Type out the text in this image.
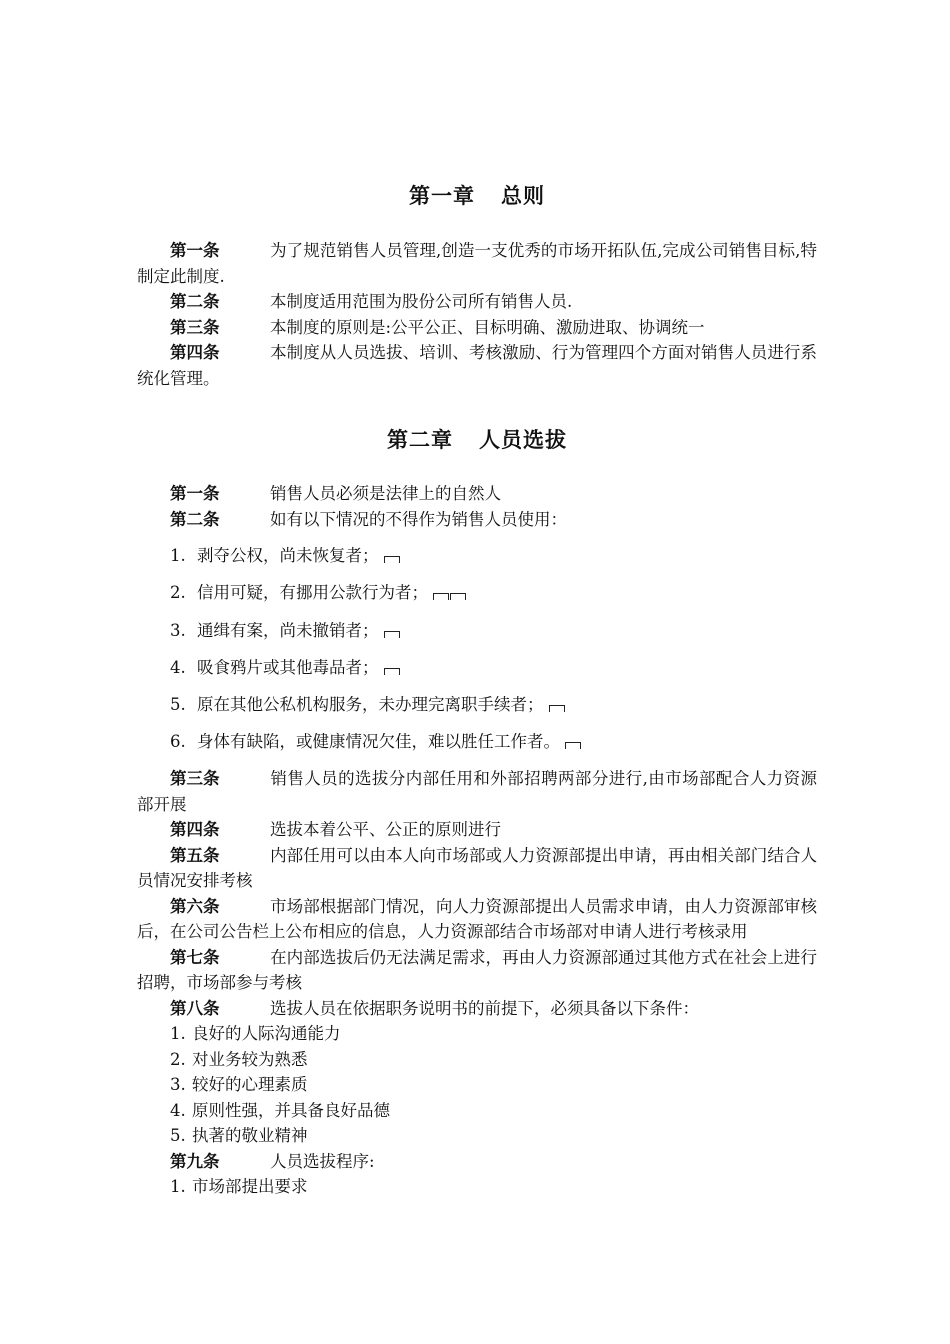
第一章 总则
第一条	为了规范销售人员管理,创造一支优秀的市场开拓队伍,完成公司销售目标,特制定此制度.
第二条	本制度适用范围为股份公司所有销售人员.
第三条	本制度的原则是:公平公正、目标明确、激励进取、协调统一
第四条	本制度从人员选拔、培训、考核激励、行为管理四个方面对销售人员进行系统化管理。
第二章 人员选拔
第一条	销售人员必须是法律上的自然人
第二条	如有以下情况的不得作为销售人员使用：
1. 剥夺公权，尚未恢复者；
2. 信用可疑，有挪用公款行为者；
3. 通缉有案，尚未撤销者；
4. 吸食鸦片或其他毒品者；
5. 原在其他公私机构服务，未办理完离职手续者；
6. 身体有缺陷，或健康情况欠佳，难以胜任工作者。
第三条	销售人员的选拔分内部任用和外部招聘两部分进行,由市场部配合人力资源部开展
第四条	选拔本着公平、公正的原则进行
第五条	内部任用可以由本人向市场部或人力资源部提出申请，再由相关部门结合人员情况安排考核
第六条	市场部根据部门情况，向人力资源部提出人员需求申请，由人力资源部审核后，在公司公告栏上公布相应的信息，人力资源部结合市场部对申请人进行考核录用
第七条	在内部选拔后仍无法满足需求，再由人力资源部通过其他方式在社会上进行招聘，市场部参与考核
第八条	选拔人员在依据职务说明书的前提下，必须具备以下条件：
1. 良好的人际沟通能力
2. 对业务较为熟悉
3. 较好的心理素质
4. 原则性强，并具备良好品德
5. 执著的敬业精神
第九条	人员选拔程序:
1. 市场部提出要求
